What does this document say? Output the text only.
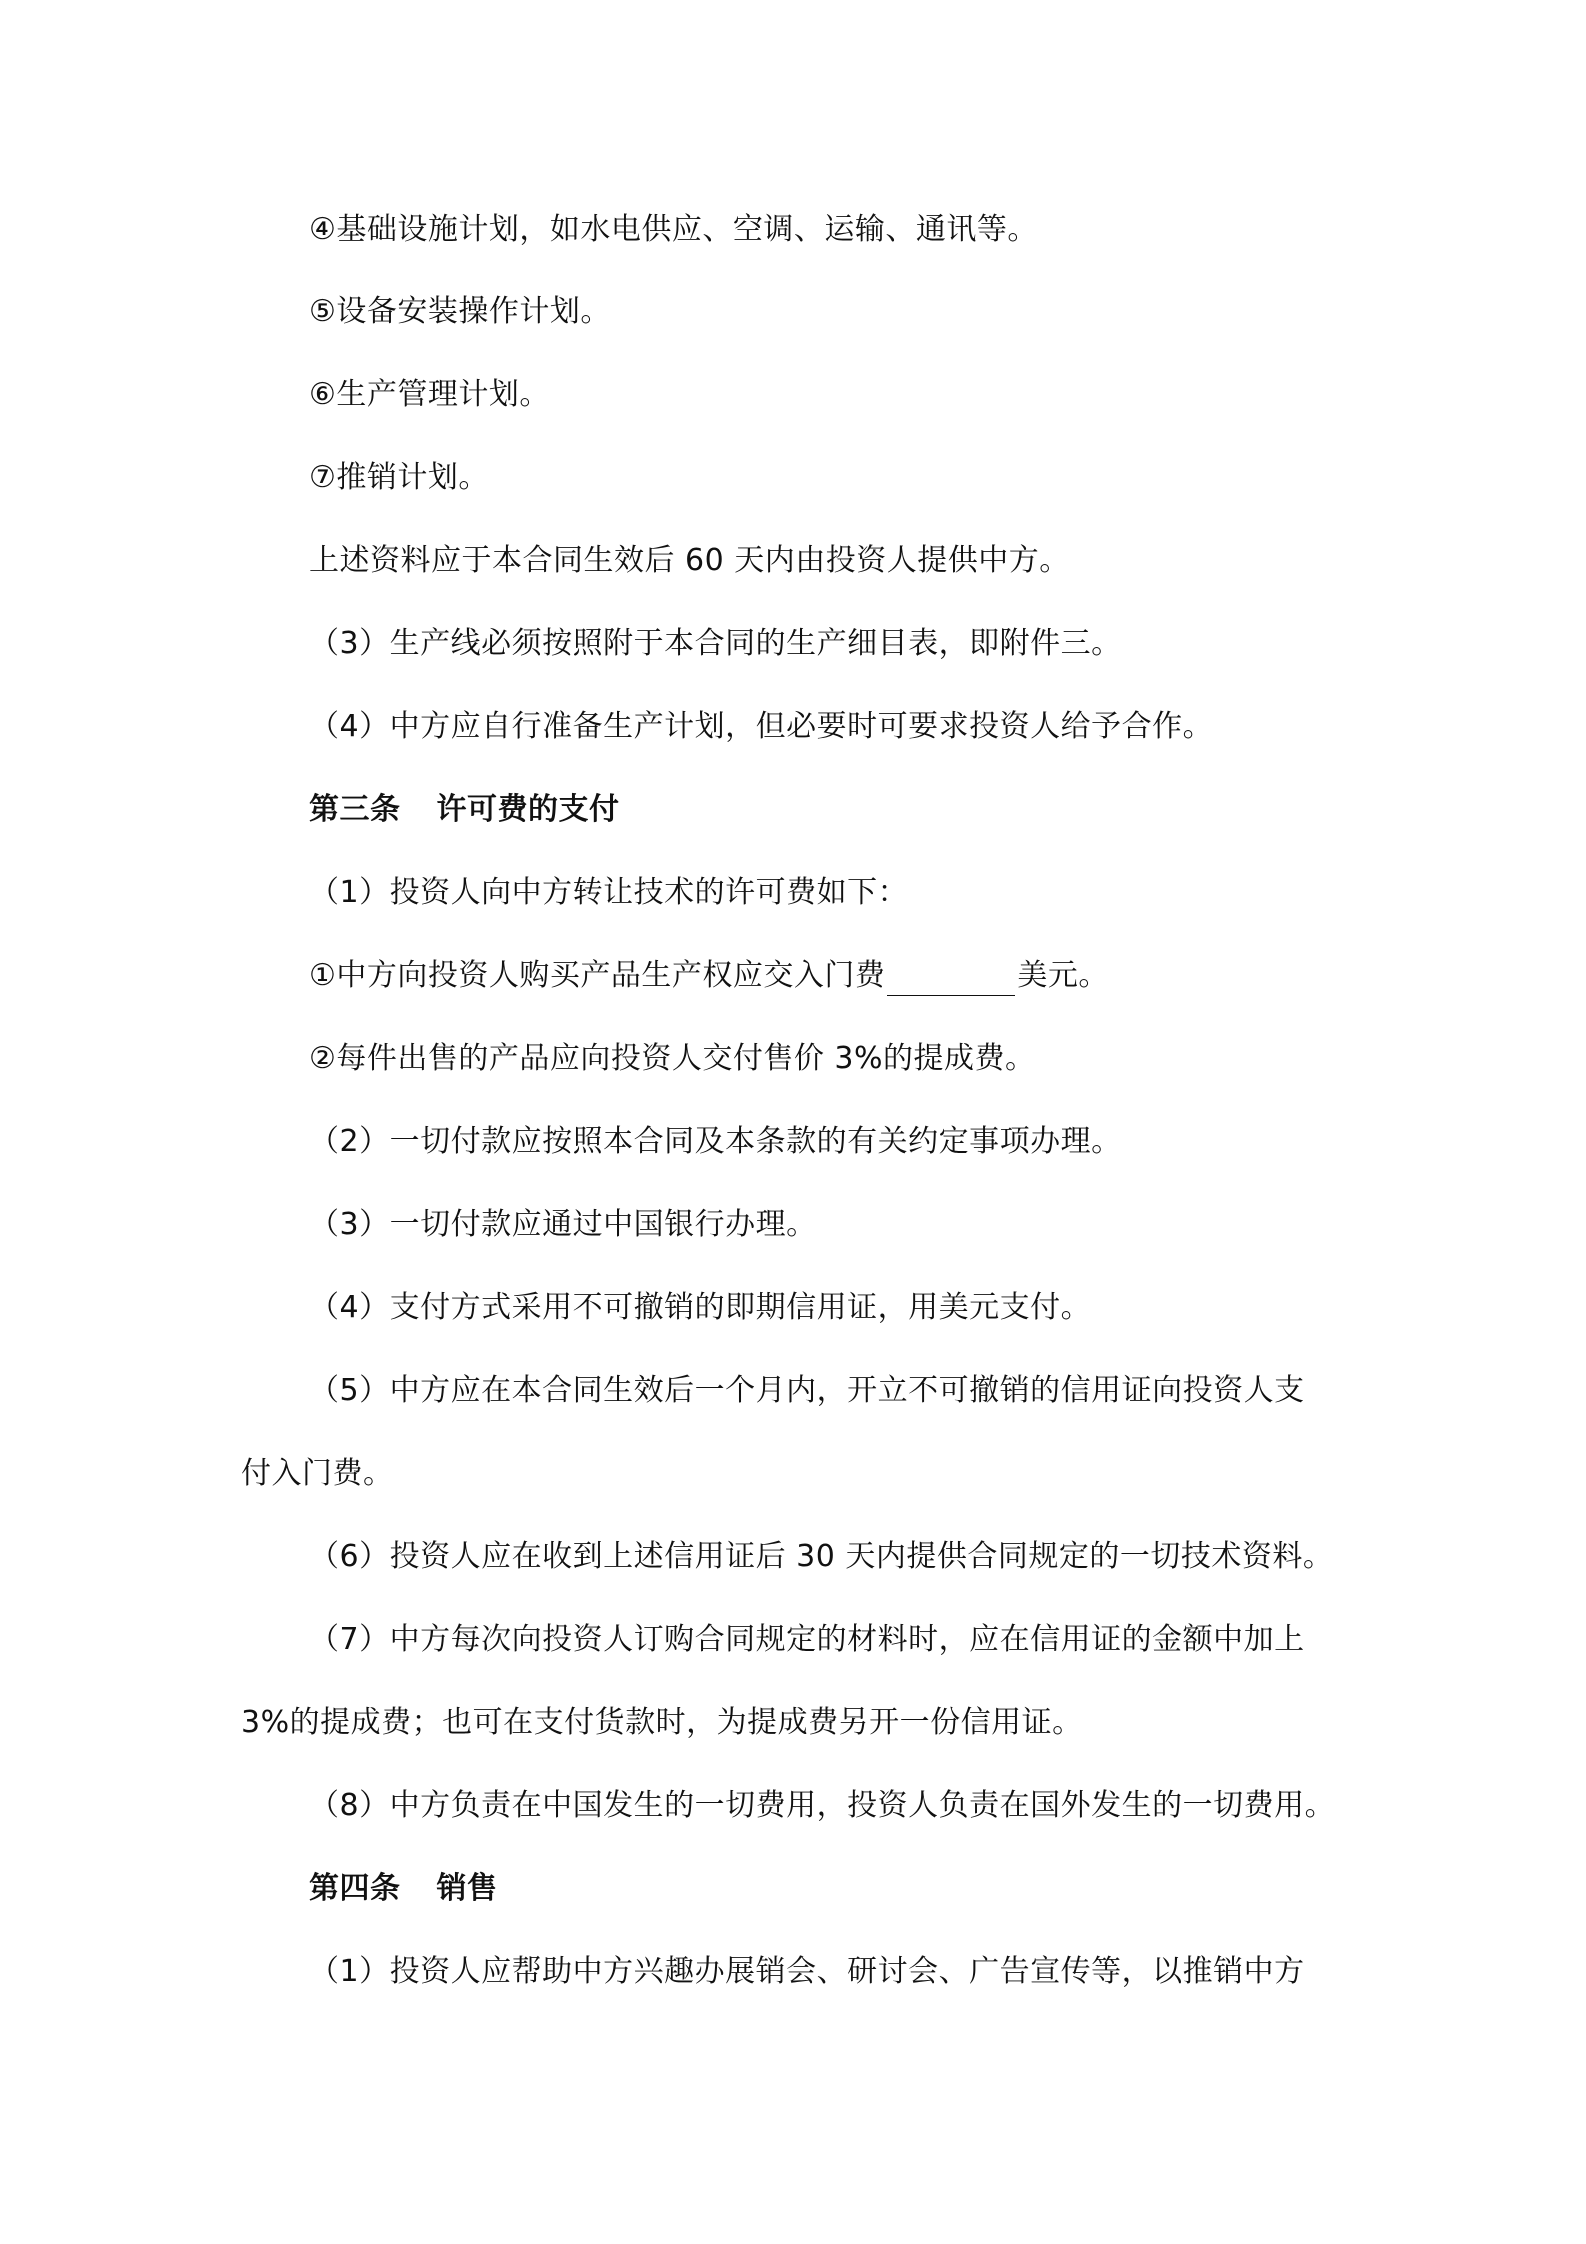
④基础设施计划，如水电供应、空调、运输、通讯等。
⑤设备安装操作计划。
⑥生产管理计划。
⑦推销计划。
上述资料应于本合同生效后 60 天内由投资人提供中方。
（3）生产线必须按照附于本合同的生产细目表，即附件三。
（4）中方应自行准备生产计划，但必要时可要求投资人给予合作。
第三条 许可费的支付
（1）投资人向中方转让技术的许可费如下：
①中方向投资人购买产品生产权应交入门费	美元。
②每件出售的产品应向投资人交付售价 3%的提成费。
（2）一切付款应按照本合同及本条款的有关约定事项办理。
（3）一切付款应通过中国银行办理。
（4）支付方式采用不可撤销的即期信用证，用美元支付。
（5）中方应在本合同生效后一个月内，开立不可撤销的信用证向投资人支
付入门费。
（6）投资人应在收到上述信用证后 30 天内提供合同规定的一切技术资料。
（7）中方每次向投资人订购合同规定的材料时，应在信用证的金额中加上
3%的提成费；也可在支付货款时，为提成费另开一份信用证。
（8）中方负责在中国发生的一切费用，投资人负责在国外发生的一切费用。
第四条 销售
（1）投资人应帮助中方兴趣办展销会、研讨会、广告宣传等，以推销中方
